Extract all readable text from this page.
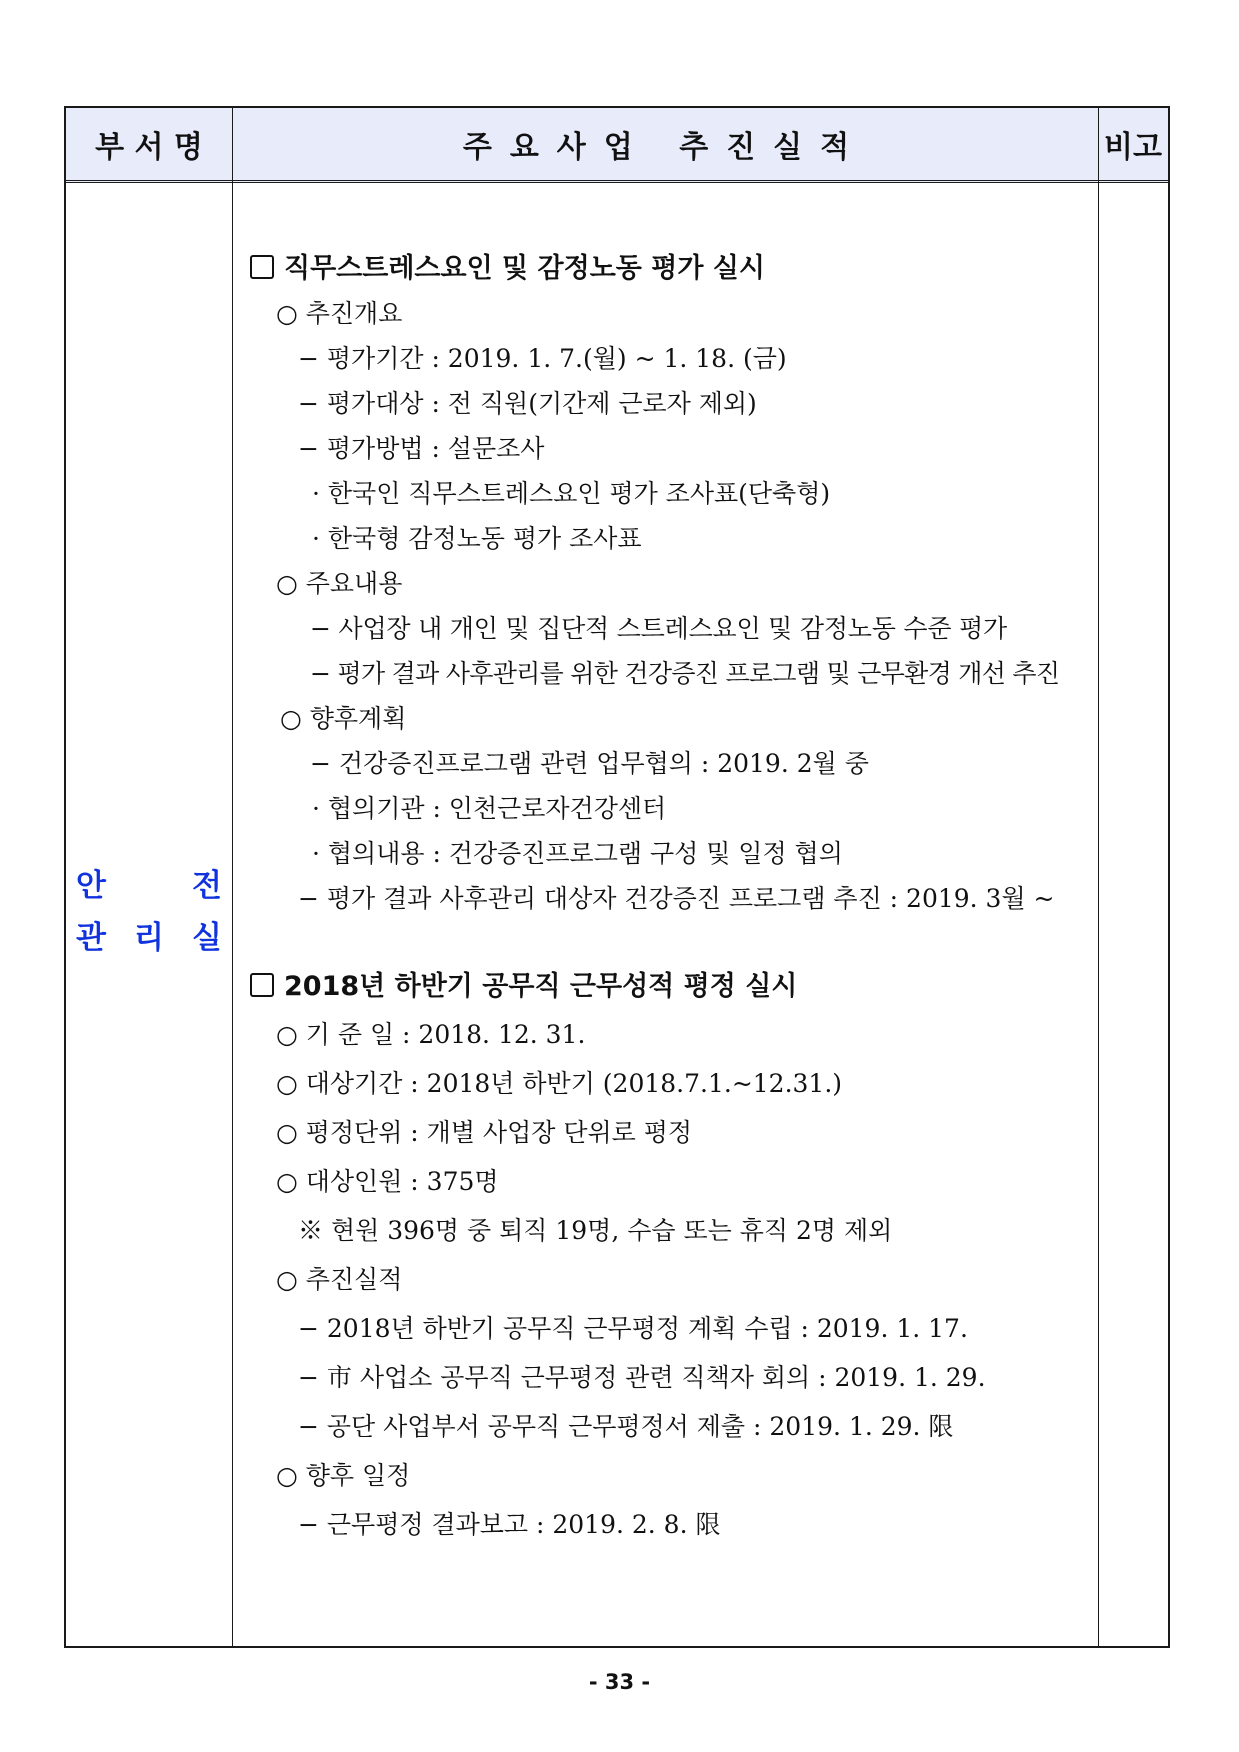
부 서 명	주요사업 추진실적	비고
안	전
관 리 실
직무스트레스요인 및 감정노동 평가 실시
○ 추진개요
− 평가기간 : 2019. 1. 7.(월) ~ 1. 18. (금)
− 평가대상 : 전 직원(기간제 근로자 제외)
− 평가방법 : 설문조사
· 한국인 직무스트레스요인 평가 조사표(단축형)
· 한국형 감정노동 평가 조사표
○ 주요내용
− 사업장 내 개인 및 집단적 스트레스요인 및 감정노동 수준 평가
− 평가 결과 사후관리를 위한 건강증진 프로그램 및 근무환경 개선 추진
○ 향후계획
− 건강증진프로그램 관련 업무협의 : 2019. 2월 중
· 협의기관 : 인천근로자건강센터
· 협의내용 : 건강증진프로그램 구성 및 일정 협의
− 평가 결과 사후관리 대상자 건강증진 프로그램 추진 : 2019. 3월 ~
2018년 하반기 공무직 근무성적 평정 실시
○ 기 준 일 : 2018. 12. 31.
○ 대상기간 : 2018년 하반기 (2018.7.1.~12.31.)
○ 평정단위 : 개별 사업장 단위로 평정
○ 대상인원 : 375명
※ 현원 396명 중 퇴직 19명, 수습 또는 휴직 2명 제외
○ 추진실적
− 2018년 하반기 공무직 근무평정 계획 수립 : 2019. 1. 17.
− 市 사업소 공무직 근무평정 관련 직책자 회의 : 2019. 1. 29.
− 공단 사업부서 공무직 근무평정서 제출 : 2019. 1. 29. 限
○ 향후 일정
− 근무평정 결과보고 : 2019. 2. 8. 限
- 33 -
